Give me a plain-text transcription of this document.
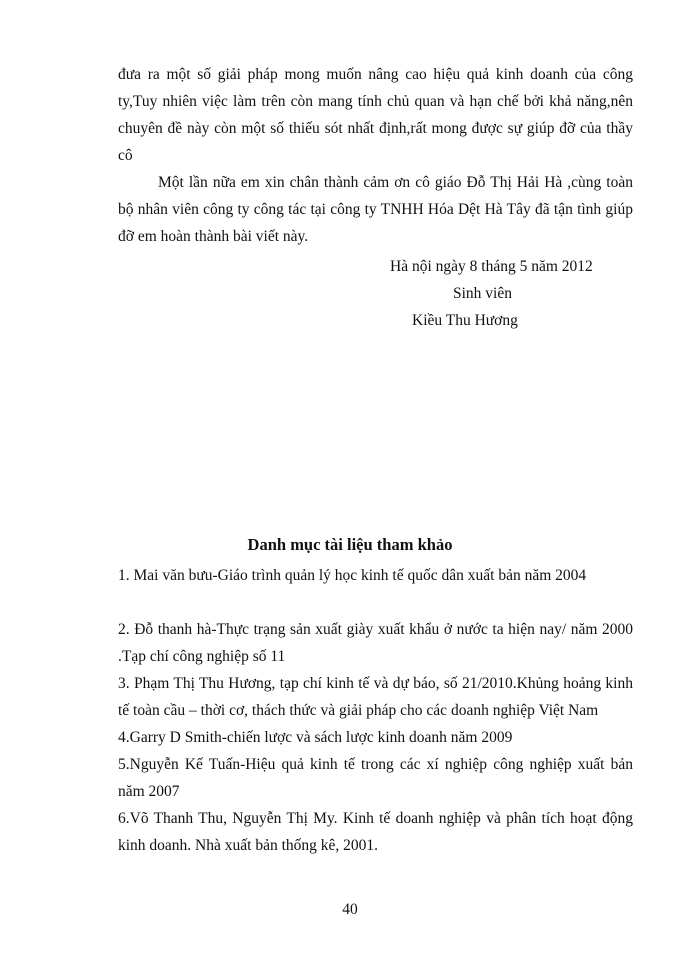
đưa ra một số giải pháp mong muốn nâng cao hiệu quả kinh doanh của công ty,Tuy nhiên việc làm trên còn mang tính chủ quan và hạn chế bởi khả năng,nên chuyên đề này còn một số thiếu sót nhất định,rất mong được sự giúp đỡ của thầy cô

Một lần nữa em xin chân thành cảm ơn cô giáo Đỗ Thị Hải Hà ,cùng toàn bộ nhân viên công ty công tác tại công ty TNHH Hóa Dệt Hà Tây đã tận tình giúp đỡ em hoàn thành bài viết này.

Hà nội ngày 8 tháng 5 năm 2012

Sinh viên

Kiều Thu Hương

Danh mục tài liệu tham khảo

1. Mai văn bưu-Giáo trình quản lý học kinh tế quốc dân xuất bản năm 2004
2. Đỗ thanh hà-Thực trạng sản xuất giày xuất khẩu ở nước ta hiện nay/ năm 2000 .Tạp chí công nghiệp số 11
3. Phạm Thị Thu Hương, tạp chí kinh tế và dự báo, số 21/2010.Khủng hoảng kinh tế toàn cầu – thời cơ, thách thức và giải pháp cho các doanh nghiệp Việt Nam
4.Garry D Smith-chiến lược và sách lược kinh doanh năm 2009
5.Nguyễn Kế Tuấn-Hiệu quả kinh tế trong các xí nghiệp công nghiệp xuất bản năm 2007
6.Võ Thanh Thu, Nguyễn Thị My. Kinh tế doanh nghiệp và phân tích hoạt động kinh doanh. Nhà xuất bản thống kê, 2001.

40
